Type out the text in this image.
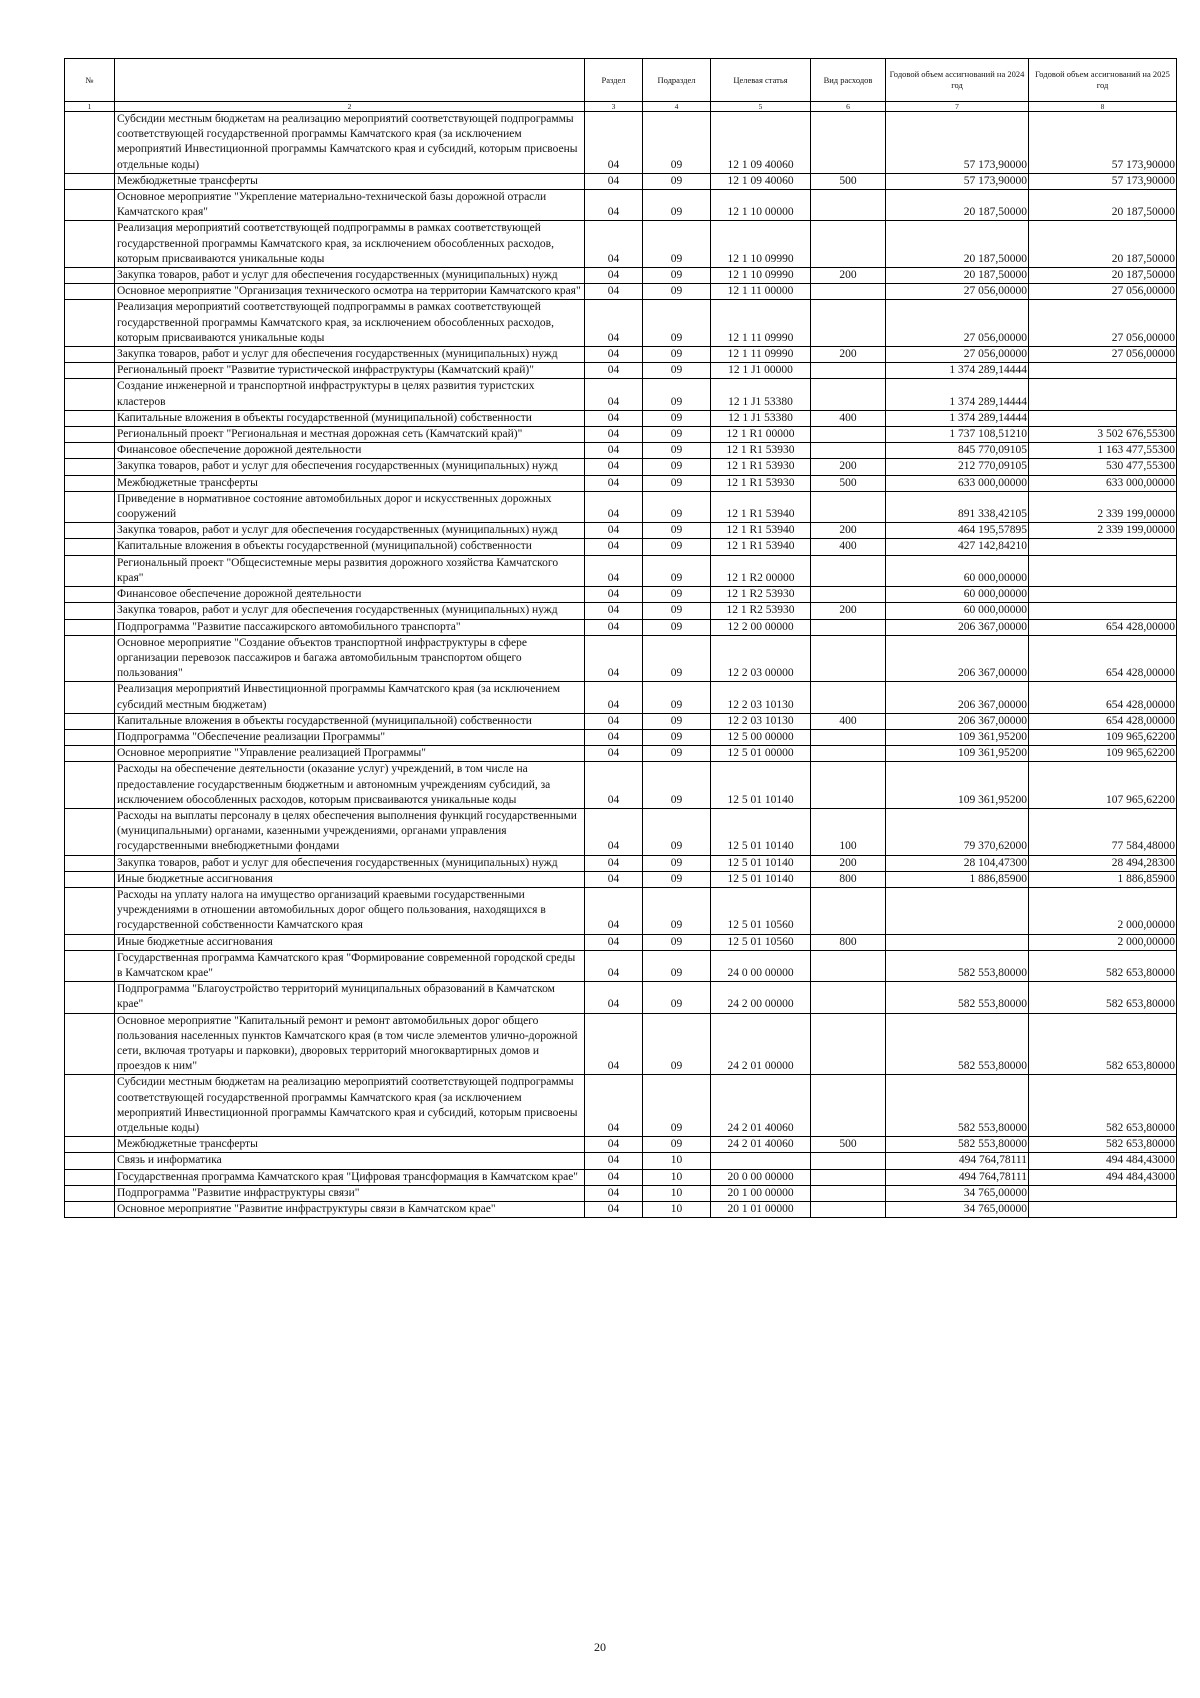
№		Раздел	Подраздел	Целевая статья	Вид расходов	Годовой объем ассигнований на 2024 год	Годовой объем ассигнований на 2025 год
1	2	3	4	5	6	7	8
	Субсидии местным бюджетам на реализацию мероприятий соответствующей подпрограммы соответствующей государственной программы Камчатского края (за исключением мероприятий Инвестиционной программы Камчатского края и субсидий, которым присвоены отдельные коды)	04	09	12 1 09 40060		57 173,90000	57 173,90000
	Межбюджетные трансферты	04	09	12 1 09 40060	500	57 173,90000	57 173,90000
	Основное мероприятие "Укрепление материально-технической базы дорожной отрасли Камчатского края"	04	09	12 1 10 00000		20 187,50000	20 187,50000
	Реализация мероприятий соответствующей подпрограммы в рамках соответствующей государственной программы Камчатского края, за исключением обособленных расходов, которым присваиваются уникальные коды	04	09	12 1 10 09990		20 187,50000	20 187,50000
	Закупка товаров, работ и услуг для обеспечения государственных (муниципальных) нужд	04	09	12 1 10 09990	200	20 187,50000	20 187,50000
	Основное мероприятие "Организация технического осмотра на территории Камчатского края"	04	09	12 1 11 00000		27 056,00000	27 056,00000
	Реализация мероприятий соответствующей подпрограммы в рамках соответствующей государственной программы Камчатского края, за исключением обособленных расходов, которым присваиваются уникальные коды	04	09	12 1 11 09990		27 056,00000	27 056,00000
	Закупка товаров, работ и услуг для обеспечения государственных (муниципальных) нужд	04	09	12 1 11 09990	200	27 056,00000	27 056,00000
	Региональный проект "Развитие туристической инфраструктуры (Камчатский край)"	04	09	12 1 J1 00000		1 374 289,14444	
	Создание инженерной и транспортной инфраструктуры в целях развития туристских кластеров	04	09	12 1 J1 53380		1 374 289,14444	
	Капитальные вложения в объекты государственной (муниципальной) собственности	04	09	12 1 J1 53380	400	1 374 289,14444	
	Региональный проект "Региональная и местная дорожная сеть (Камчатский край)"	04	09	12 1 R1 00000		1 737 108,51210	3 502 676,55300
	Финансовое обеспечение дорожной деятельности	04	09	12 1 R1 53930		845 770,09105	1 163 477,55300
	Закупка товаров, работ и услуг для обеспечения государственных (муниципальных) нужд	04	09	12 1 R1 53930	200	212 770,09105	530 477,55300
	Межбюджетные трансферты	04	09	12 1 R1 53930	500	633 000,00000	633 000,00000
	Приведение в нормативное состояние автомобильных дорог и искусственных дорожных сооружений	04	09	12 1 R1 53940		891 338,42105	2 339 199,00000
	Закупка товаров, работ и услуг для обеспечения государственных (муниципальных) нужд	04	09	12 1 R1 53940	200	464 195,57895	2 339 199,00000
	Капитальные вложения в объекты государственной (муниципальной) собственности	04	09	12 1 R1 53940	400	427 142,84210	
	Региональный проект "Общесистемные меры развития дорожного хозяйства Камчатского края"	04	09	12 1 R2 00000		60 000,00000	
	Финансовое обеспечение дорожной деятельности	04	09	12 1 R2 53930		60 000,00000	
	Закупка товаров, работ и услуг для обеспечения государственных (муниципальных) нужд	04	09	12 1 R2 53930	200	60 000,00000	
	Подпрограмма "Развитие пассажирского автомобильного транспорта"	04	09	12 2 00 00000		206 367,00000	654 428,00000
	Основное мероприятие "Создание объектов транспортной инфраструктуры в сфере организации перевозок пассажиров и багажа автомобильным транспортом общего пользования"	04	09	12 2 03 00000		206 367,00000	654 428,00000
	Реализация мероприятий Инвестиционной программы Камчатского края (за исключением субсидий местным бюджетам)	04	09	12 2 03 10130		206 367,00000	654 428,00000
	Капитальные вложения в объекты государственной (муниципальной) собственности	04	09	12 2 03 10130	400	206 367,00000	654 428,00000
	Подпрограмма "Обеспечение реализации Программы"	04	09	12 5 00 00000		109 361,95200	109 965,62200
	Основное мероприятие "Управление реализацией Программы"	04	09	12 5 01 00000		109 361,95200	109 965,62200
	Расходы на обеспечение деятельности (оказание услуг) учреждений, в том числе на предоставление государственным бюджетным и автономным учреждениям субсидий, за исключением обособленных расходов, которым присваиваются уникальные коды	04	09	12 5 01 10140		109 361,95200	107 965,62200
	Расходы на выплаты персоналу в целях обеспечения выполнения функций государственными (муниципальными) органами, казенными учреждениями, органами управления государственными внебюджетными фондами	04	09	12 5 01 10140	100	79 370,62000	77 584,48000
	Закупка товаров, работ и услуг для обеспечения государственных (муниципальных) нужд	04	09	12 5 01 10140	200	28 104,47300	28 494,28300
	Иные бюджетные ассигнования	04	09	12 5 01 10140	800	1 886,85900	1 886,85900
	Расходы на уплату налога на имущество организаций краевыми государственными учреждениями в отношении автомобильных дорог общего пользования, находящихся в государственной собственности Камчатского края	04	09	12 5 01 10560			2 000,00000
	Иные бюджетные ассигнования	04	09	12 5 01 10560	800		2 000,00000
	Государственная программа Камчатского края "Формирование современной городской среды в Камчатском крае"	04	09	24 0 00 00000		582 553,80000	582 653,80000
	Подпрограмма "Благоустройство территорий муниципальных образований в Камчатском крае"	04	09	24 2 00 00000		582 553,80000	582 653,80000
	Основное мероприятие "Капитальный ремонт и ремонт автомобильных дорог общего пользования населенных пунктов Камчатского края (в том числе элементов улично-дорожной сети, включая тротуары и парковки), дворовых территорий многоквартирных домов и проездов к ним"	04	09	24 2 01 00000		582 553,80000	582 653,80000
	Субсидии местным бюджетам на реализацию мероприятий соответствующей подпрограммы соответствующей государственной программы Камчатского края (за исключением мероприятий Инвестиционной программы Камчатского края и субсидий, которым присвоены отдельные коды)	04	09	24 2 01 40060		582 553,80000	582 653,80000
	Межбюджетные трансферты	04	09	24 2 01 40060	500	582 553,80000	582 653,80000
	Связь и информатика	04	10			494 764,78111	494 484,43000
	Государственная программа Камчатского края "Цифровая трансформация в Камчатском крае"	04	10	20 0 00 00000		494 764,78111	494 484,43000
	Подпрограмма "Развитие инфраструктуры связи"	04	10	20 1 00 00000		34 765,00000	
	Основное мероприятие "Развитие инфраструктуры связи в Камчатском крае"	04	10	20 1 01 00000		34 765,00000	
20
